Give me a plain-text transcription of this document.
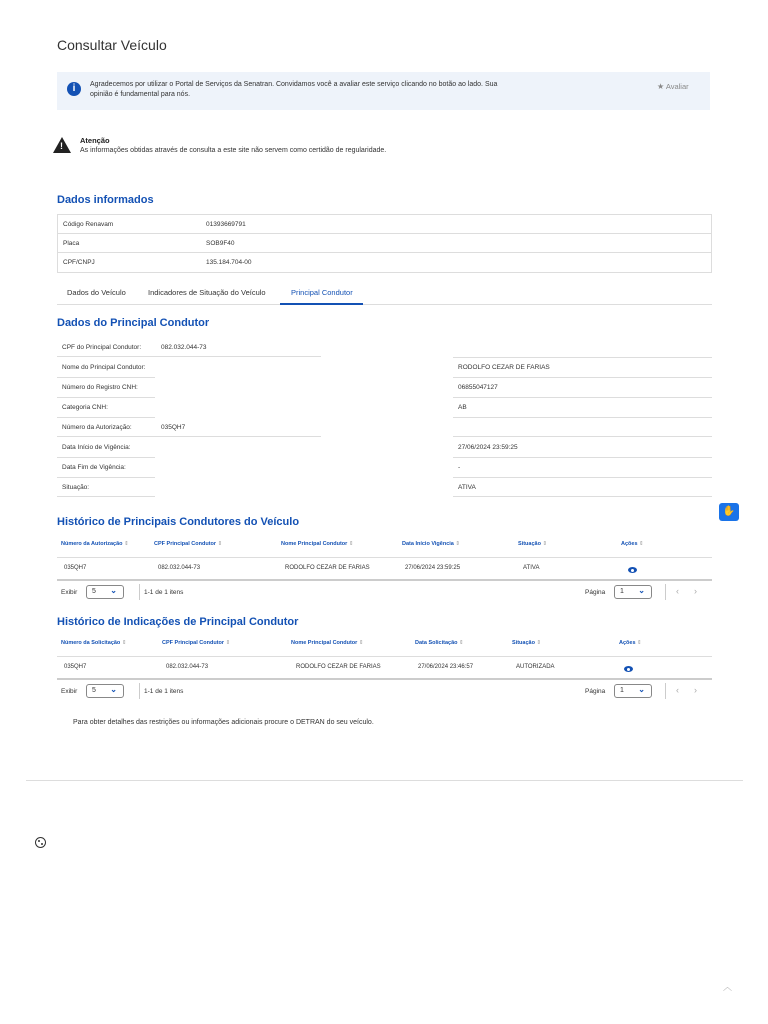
Consultar Veículo
i	Agradecemos por utilizar o Portal de Serviços da Senatran. Convidamos você a avaliar este serviço clicando no botão ao lado. Sua opinião é fundamental para nós.
★ Avaliar
!
Atenção
As informações obtidas através de consulta a este site não servem como certidão de regularidade.
Dados informados
Código Renavam	01393669791
Placa	SOB9F40
CPF/CNPJ	135.184.704-00
Dados do Veículo	Indicadores de Situação do Veículo	Principal Condutor
Dados do Principal Condutor
CPF do Principal Condutor:	082.032.044-73
Nome do Principal Condutor:	RODOLFO CEZAR DE FARIAS
Número do Registro CNH:	06855047127
Categoria CNH:	AB
Número da Autorização:	035QH7
Data Início de Vigência:	27/06/2024 23:59:25
Data Fim de Vigência:	-
Situação:	ATIVA
✋
Histórico de Principais Condutores do Veículo
Número da Autorização ⇕	CPF Principal Condutor ⇕	Nome Principal Condutor ⇕	Data Início Vigência ⇕	Situação ⇕	Ações ⇕
035QH7	082.032.044-73	RODOLFO CEZAR DE FARIAS	27/06/2024 23:59:25	ATIVA
Exibir	5 ⌄	1-1 de 1 itens	Página	1 ⌄	‹ ›
Histórico de Indicações de Principal Condutor
Número da Solicitação ⇕	CPF Principal Condutor ⇕	Nome Principal Condutor ⇕	Data Solicitação ⇕	Situação ⇕	Ações ⇕
035QH7	082.032.044-73	RODOLFO CEZAR DE FARIAS	27/06/2024 23:46:57	AUTORIZADA
Exibir	5 ⌄	1-1 de 1 itens	Página	1 ⌄	‹ ›
Para obter detalhes das restrições ou informações adicionais procure o DETRAN do seu veículo.
︿
